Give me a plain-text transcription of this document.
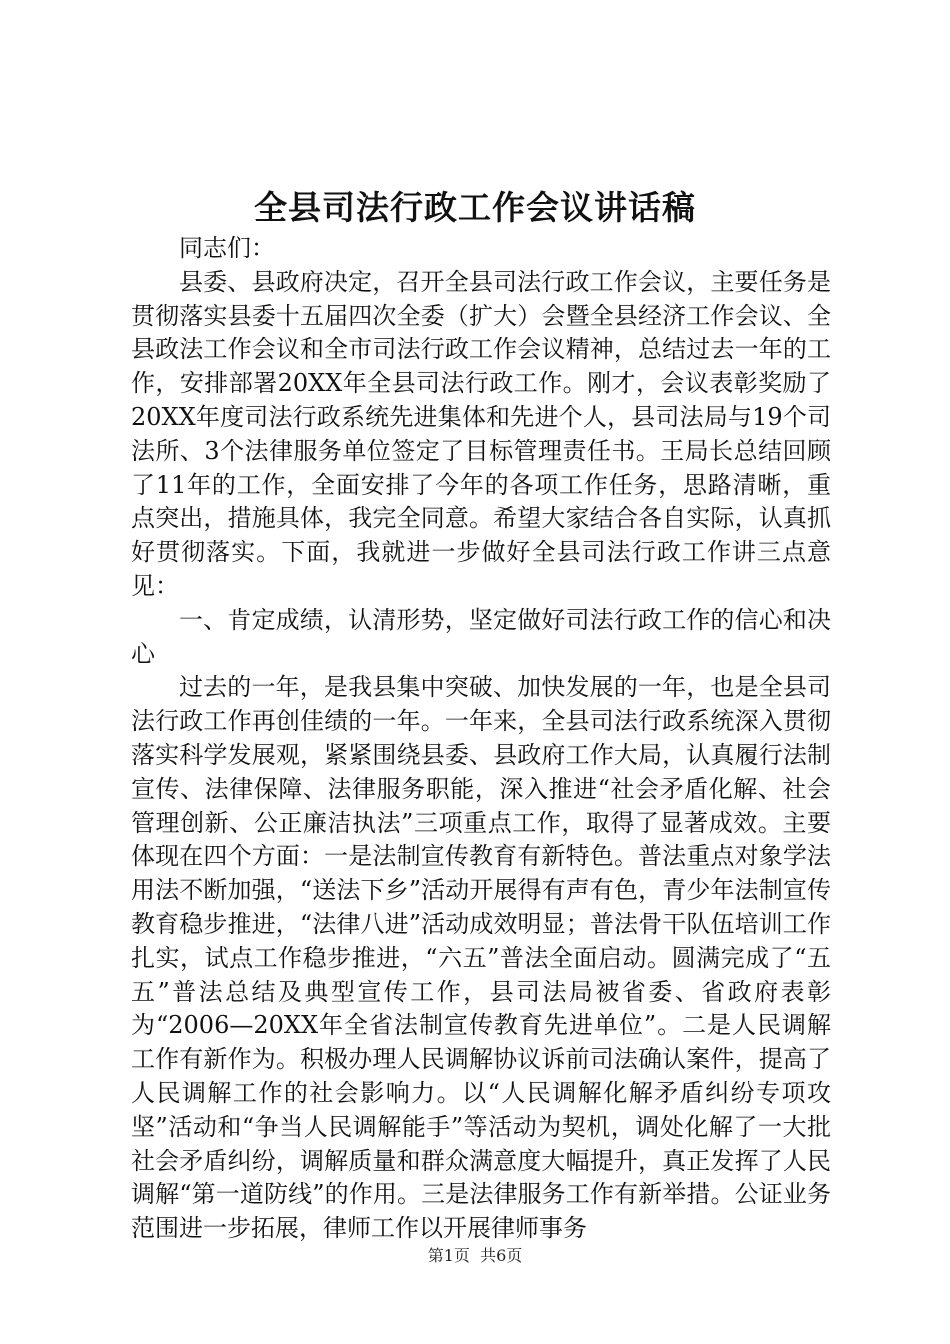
全县司法行政工作会议讲话稿

同志们：

县委、县政府决定，召开全县司法行政工作会议，主要任务是贯彻落实县委十五届四次全委（扩大）会暨全县经济工作会议、全县政法工作会议和全市司法行政工作会议精神，总结过去一年的工作，安排部署20XX年全县司法行政工作。刚才，会议表彰奖励了20XX年度司法行政系统先进集体和先进个人，县司法局与19个司法所、3个法律服务单位签定了目标管理责任书。王局长总结回顾了11年的工作，全面安排了今年的各项工作任务，思路清晰，重点突出，措施具体，我完全同意。希望大家结合各自实际，认真抓好贯彻落实。下面，我就进一步做好全县司法行政工作讲三点意见：

一、肯定成绩，认清形势，坚定做好司法行政工作的信心和决心

过去的一年，是我县集中突破、加快发展的一年，也是全县司法行政工作再创佳绩的一年。一年来，全县司法行政系统深入贯彻落实科学发展观，紧紧围绕县委、县政府工作大局，认真履行法制宣传、法律保障、法律服务职能，深入推进“社会矛盾化解、社会管理创新、公正廉洁执法”三项重点工作，取得了显著成效。主要体现在四个方面：一是法制宣传教育有新特色。普法重点对象学法用法不断加强，“送法下乡”活动开展得有声有色，青少年法制宣传教育稳步推进，“法律八进”活动成效明显；普法骨干队伍培训工作扎实，试点工作稳步推进，“六五”普法全面启动。圆满完成了“五五”普法总结及典型宣传工作，县司法局被省委、省政府表彰为“2006—20XX年全省法制宣传教育先进单位”。二是人民调解工作有新作为。积极办理人民调解协议诉前司法确认案件，提高了人民调解工作的社会影响力。以“人民调解化解矛盾纠纷专项攻坚”活动和“争当人民调解能手”等活动为契机，调处化解了一大批社会矛盾纠纷，调解质量和群众满意度大幅提升，真正发挥了人民调解“第一道防线”的作用。三是法律服务工作有新举措。公证业务范围进一步拓展，律师工作以开展律师事务

第1页 共6页
